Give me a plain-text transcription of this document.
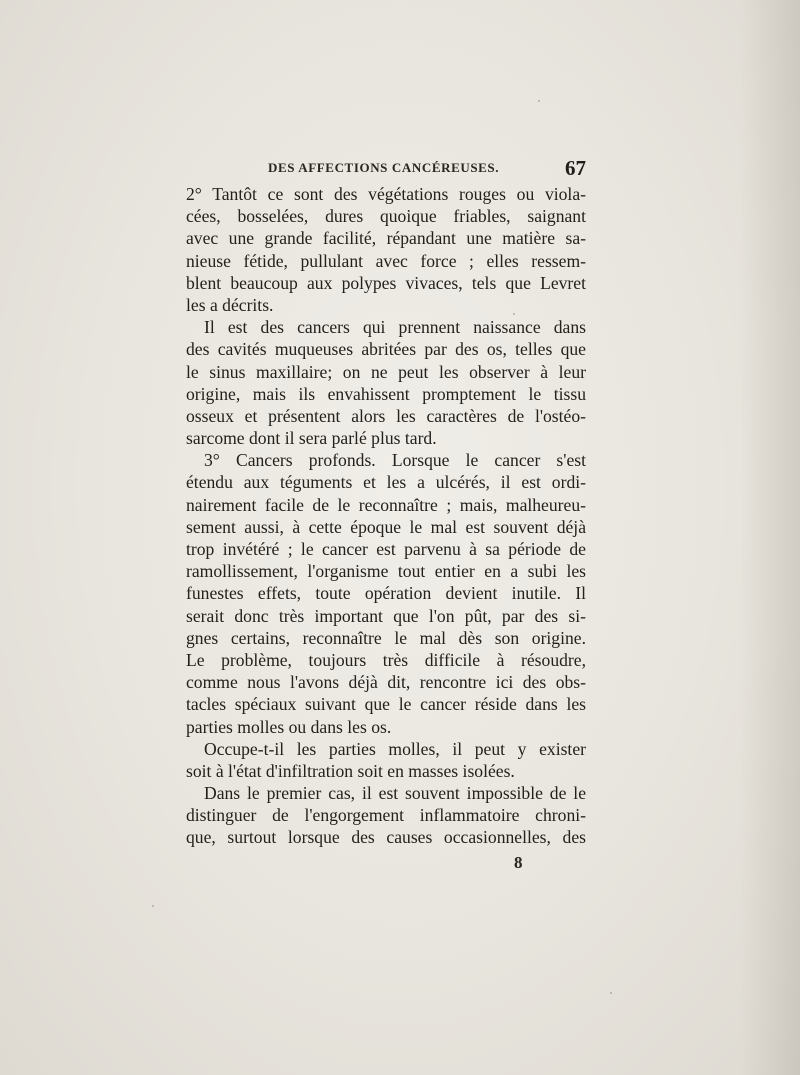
DES AFFECTIONS CANCÉREUSES.	67
2° Tantôt ce sont des végétations rouges ou viola-
cées, bosselées, dures quoique friables, saignant
avec une grande facilité, répandant une matière sa-
nieuse fétide, pullulant avec force ; elles ressem-
blent beaucoup aux polypes vivaces, tels que Levret
les a décrits.
Il est des cancers qui prennent naissance dans
des cavités muqueuses abritées par des os, telles que
le sinus maxillaire; on ne peut les observer à leur
origine, mais ils envahissent promptement le tissu
osseux et présentent alors les caractères de l'ostéo-
sarcome dont il sera parlé plus tard.
3° Cancers profonds. Lorsque le cancer s'est
étendu aux téguments et les a ulcérés, il est ordi-
nairement facile de le reconnaître ; mais, malheureu-
sement aussi, à cette époque le mal est souvent déjà
trop invétéré ; le cancer est parvenu à sa période de
ramollissement, l'organisme tout entier en a subi les
funestes effets, toute opération devient inutile. Il
serait donc très important que l'on pût, par des si-
gnes certains, reconnaître le mal dès son origine.
Le problème, toujours très difficile à résoudre,
comme nous l'avons déjà dit, rencontre ici des obs-
tacles spéciaux suivant que le cancer réside dans les
parties molles ou dans les os.
Occupe-t-il les parties molles, il peut y exister
soit à l'état d'infiltration soit en masses isolées.
Dans le premier cas, il est souvent impossible de le
distinguer de l'engorgement inflammatoire chroni-
que, surtout lorsque des causes occasionnelles, des
8
